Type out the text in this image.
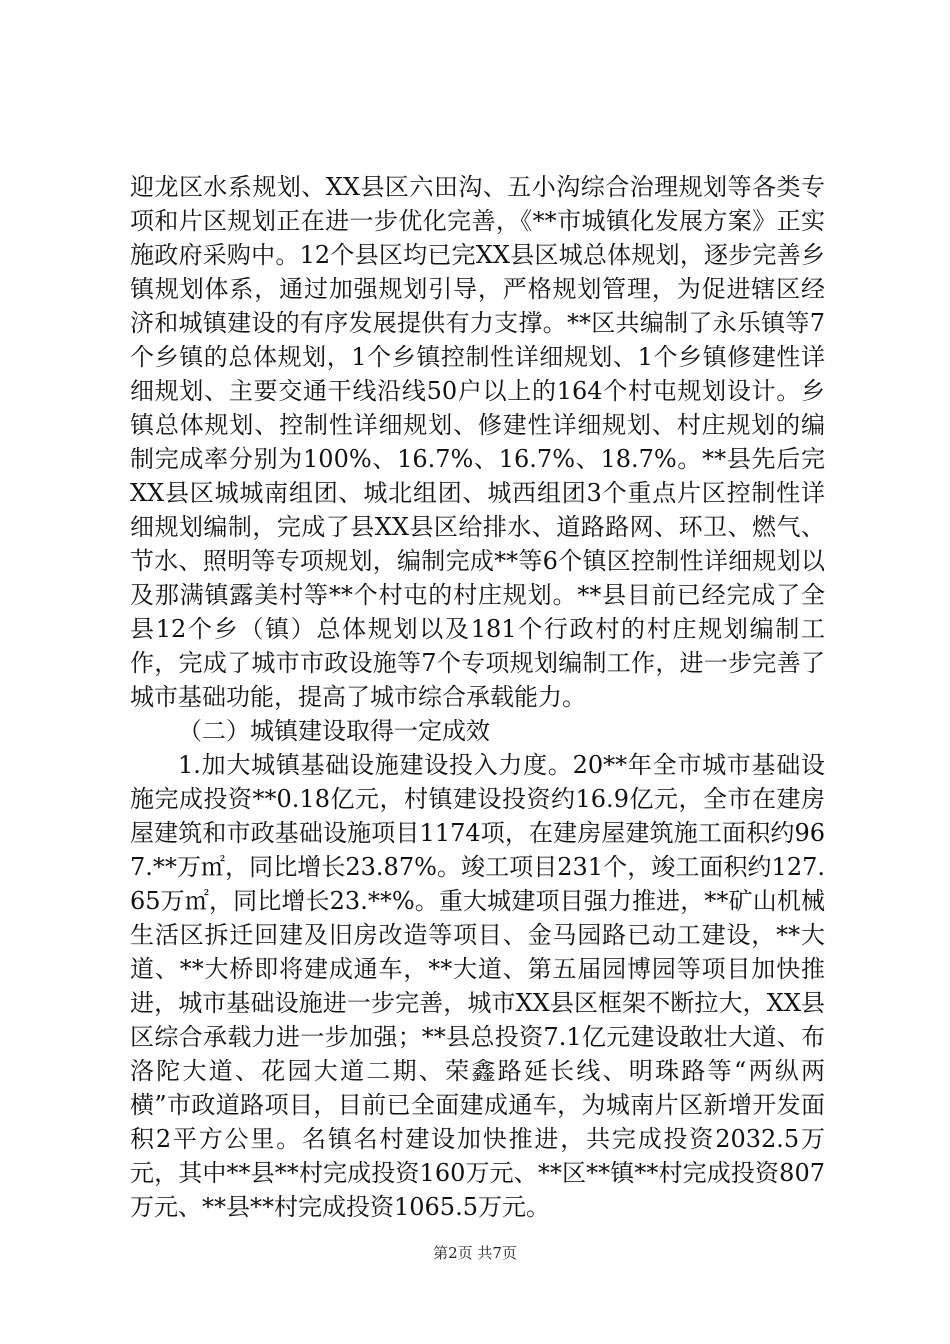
迎龙区水系规划、XX县区六田沟、五小沟综合治理规划等各类专项和片区规划正在进一步优化完善，《**市城镇化发展方案》正实施政府采购中。12个县区均已完XX县区城总体规划，逐步完善乡镇规划体系，通过加强规划引导，严格规划管理，为促进辖区经济和城镇建设的有序发展提供有力支撑。**区共编制了永乐镇等7个乡镇的总体规划，1个乡镇控制性详细规划、1个乡镇修建性详细规划、主要交通干线沿线50户以上的164个村屯规划设计。乡镇总体规划、控制性详细规划、修建性详细规划、村庄规划的编制完成率分别为100%、16.7%、16.7%、18.7%。**县先后完XX县区城城南组团、城北组团、城西组团3个重点片区控制性详细规划编制，完成了县XX县区给排水、道路路网、环卫、燃气、节水、照明等专项规划，编制完成**等6个镇区控制性详细规划以及那满镇露美村等**个村屯的村庄规划。**县目前已经完成了全县12个乡（镇）总体规划以及181个行政村的村庄规划编制工作，完成了城市市政设施等7个专项规划编制工作，进一步完善了城市基础功能，提高了城市综合承载能力。

（二）城镇建设取得一定成效

1.加大城镇基础设施建设投入力度。20**年全市城市基础设施完成投资**0.18亿元，村镇建设投资约16.9亿元，全市在建房屋建筑和市政基础设施项目1174项，在建房屋建筑施工面积约967.**万㎡，同比增长23.87%。竣工项目231个，竣工面积约127.65万㎡，同比增长23.**%。重大城建项目强力推进，**矿山机械生活区拆迁回建及旧房改造等项目、金马园路已动工建设，**大道、**大桥即将建成通车，**大道、第五届园博园等项目加快推进，城市基础设施进一步完善，城市XX县区框架不断拉大，XX县区综合承载力进一步加强；**县总投资7.1亿元建设敢壮大道、布洛陀大道、花园大道二期、荣鑫路延长线、明珠路等“两纵两横”市政道路项目，目前已全面建成通车，为城南片区新增开发面积2平方公里。名镇名村建设加快推进，共完成投资2032.5万元，其中**县**村完成投资160万元、**区**镇**村完成投资807万元、**县**村完成投资1065.5万元。

第2页 共7页
